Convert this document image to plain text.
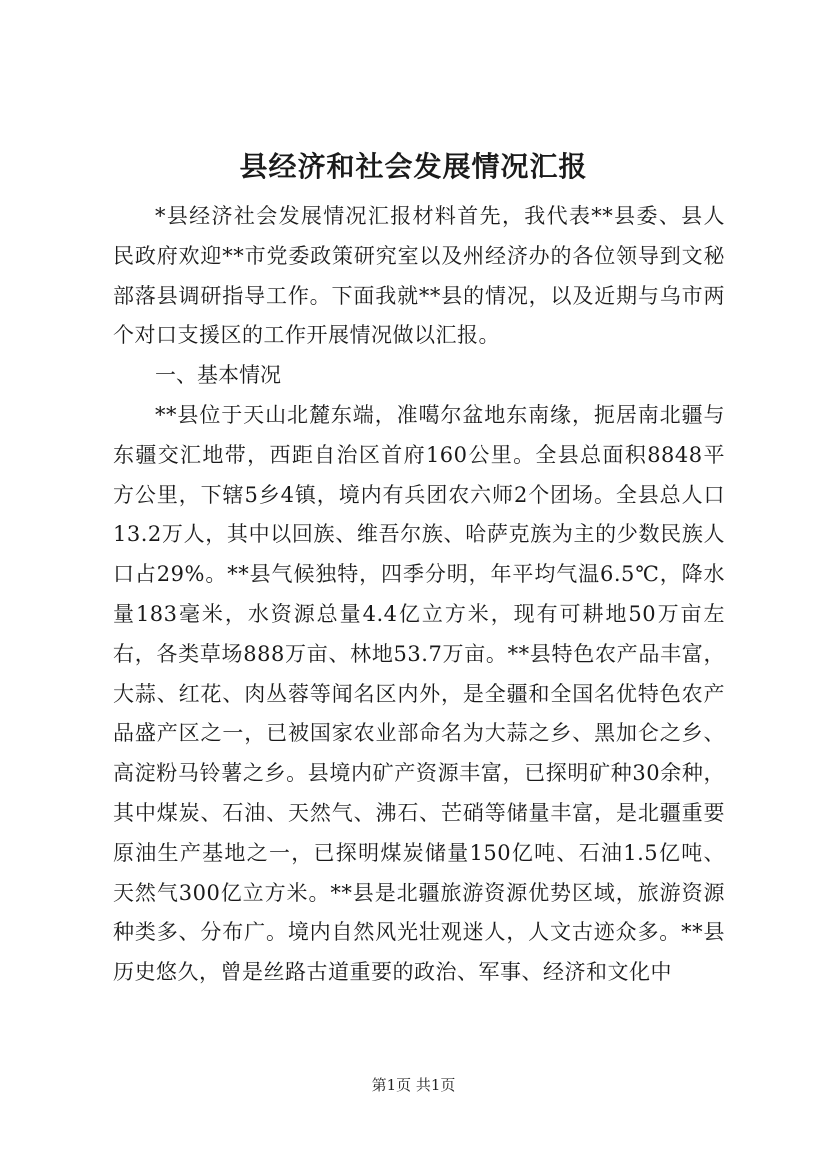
县经济和社会发展情况汇报

*县经济社会发展情况汇报材料首先，我代表**县委、县人民政府欢迎**市党委政策研究室以及州经济办的各位领导到文秘部落县调研指导工作。下面我就**县的情况，以及近期与乌市两个对口支援区的工作开展情况做以汇报。

一、基本情况

**县位于天山北麓东端，准噶尔盆地东南缘，扼居南北疆与东疆交汇地带，西距自治区首府160公里。全县总面积8848平方公里，下辖5乡4镇，境内有兵团农六师2个团场。全县总人口13.2万人，其中以回族、维吾尔族、哈萨克族为主的少数民族人口占29%。**县气候独特，四季分明，年平均气温6.5℃，降水量183毫米，水资源总量4.4亿立方米，现有可耕地50万亩左右，各类草场888万亩、林地53.7万亩。**县特色农产品丰富，大蒜、红花、肉丛蓉等闻名区内外，是全疆和全国名优特色农产品盛产区之一，已被国家农业部命名为大蒜之乡、黑加仑之乡、高淀粉马铃薯之乡。县境内矿产资源丰富，已探明矿种30余种，其中煤炭、石油、天然气、沸石、芒硝等储量丰富，是北疆重要原油生产基地之一，已探明煤炭储量150亿吨、石油1.5亿吨、天然气300亿立方米。**县是北疆旅游资源优势区域，旅游资源种类多、分布广。境内自然风光壮观迷人，人文古迹众多。**县历史悠久，曾是丝路古道重要的政治、军事、经济和文化中

第1页 共1页
